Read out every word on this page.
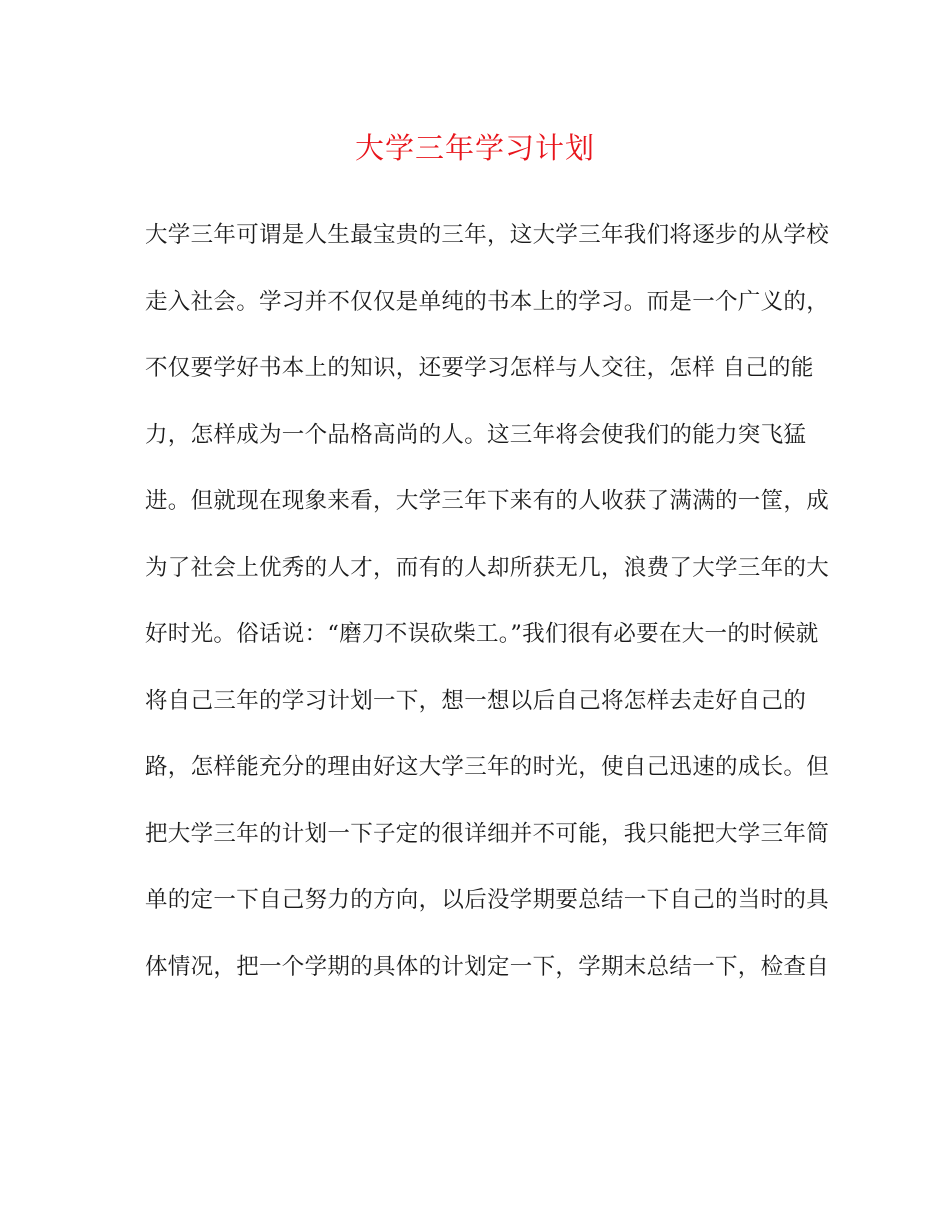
大学三年学习计划
大学三年可谓是人生最宝贵的三年，这大学三年我们将逐步的从学校
走入社会。学习并不仅仅是单纯的书本上的学习。而是一个广义的，
不仅要学好书本上的知识，还要学习怎样与人交往，怎样 自己的能
力，怎样成为一个品格高尚的人。这三年将会使我们的能力突飞猛
进。但就现在现象来看，大学三年下来有的人收获了满满的一筐，成
为了社会上优秀的人才，而有的人却所获无几，浪费了大学三年的大
好时光。俗话说：“磨刀不误砍柴工。”我们很有必要在大一的时候就
将自己三年的学习计划一下，想一想以后自己将怎样去走好自己的
路，怎样能充分的理由好这大学三年的时光，使自己迅速的成长。但
把大学三年的计划一下子定的很详细并不可能，我只能把大学三年简
单的定一下自己努力的方向，以后没学期要总结一下自己的当时的具
体情况，把一个学期的具体的计划定一下，学期末总结一下，检查自
